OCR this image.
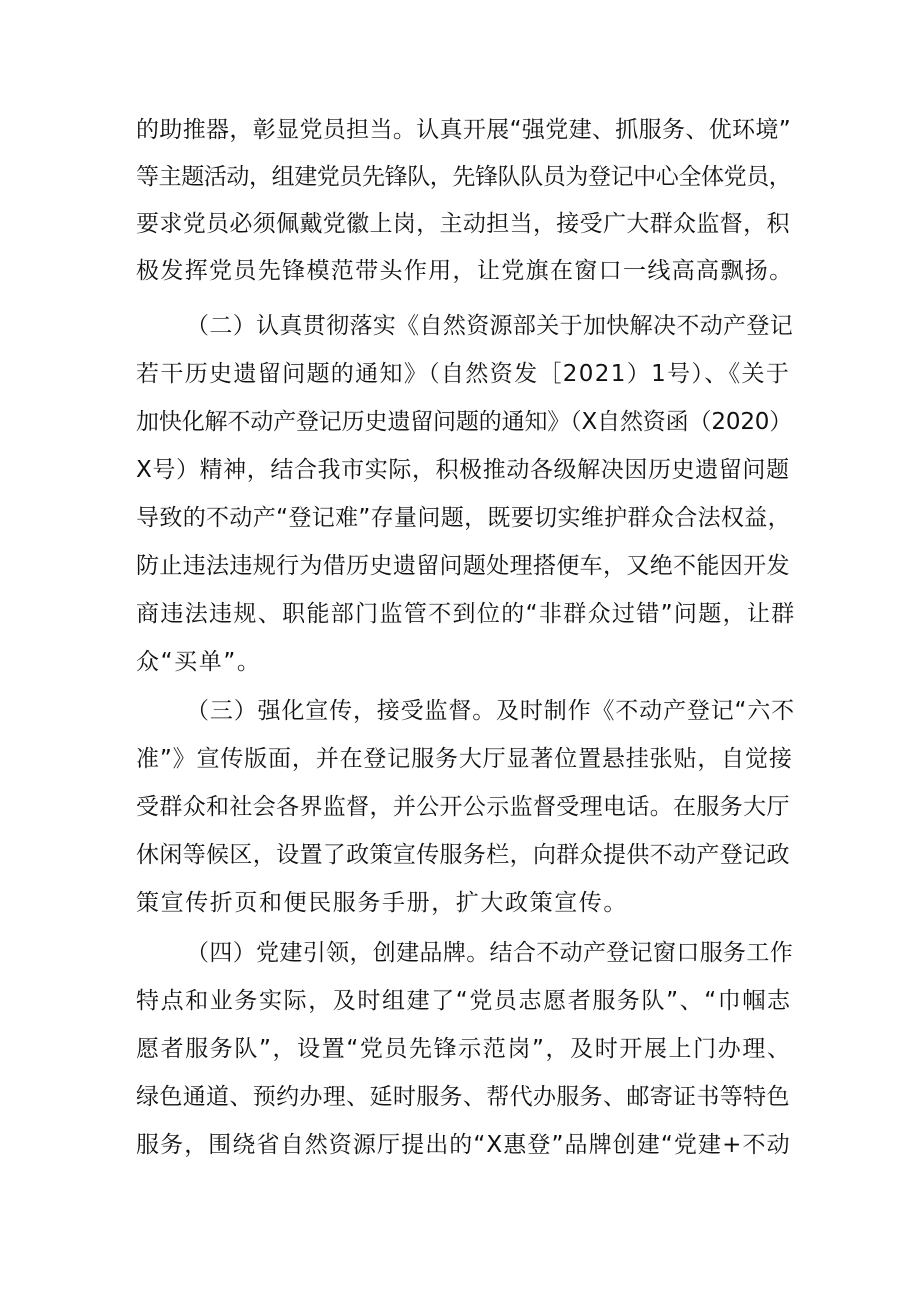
的助推器，彰显党员担当。认真开展“强党建、抓服务、优环境”
等主题活动，组建党员先锋队，先锋队队员为登记中心全体党员，
要求党员必须佩戴党徽上岗，主动担当，接受广大群众监督，积
极发挥党员先锋模范带头作用，让党旗在窗口一线高高飘扬。
（二）认真贯彻落实《自然资源部关于加快解决不动产登记
若干历史遗留问题的通知》（自然资发［2021）1号）、《关于
加快化解不动产登记历史遗留问题的通知》（X自然资函（2020）
X号）精神，结合我市实际，积极推动各级解决因历史遗留问题
导致的不动产“登记难”存量问题，既要切实维护群众合法权益，
防止违法违规行为借历史遗留问题处理搭便车，又绝不能因开发
商违法违规、职能部门监管不到位的“非群众过错”问题，让群
众“买单”。
（三）强化宣传，接受监督。及时制作《不动产登记“六不
准”》宣传版面，并在登记服务大厅显著位置悬挂张贴，自觉接
受群众和社会各界监督，并公开公示监督受理电话。在服务大厅
休闲等候区，设置了政策宣传服务栏，向群众提供不动产登记政
策宣传折页和便民服务手册，扩大政策宣传。
（四）党建引领，创建品牌。结合不动产登记窗口服务工作
特点和业务实际，及时组建了“党员志愿者服务队”、“巾帼志
愿者服务队”，设置“党员先锋示范岗”，及时开展上门办理、
绿色通道、预约办理、延时服务、帮代办服务、邮寄证书等特色
服务，围绕省自然资源厅提出的“X惠登”品牌创建“党建+不动
